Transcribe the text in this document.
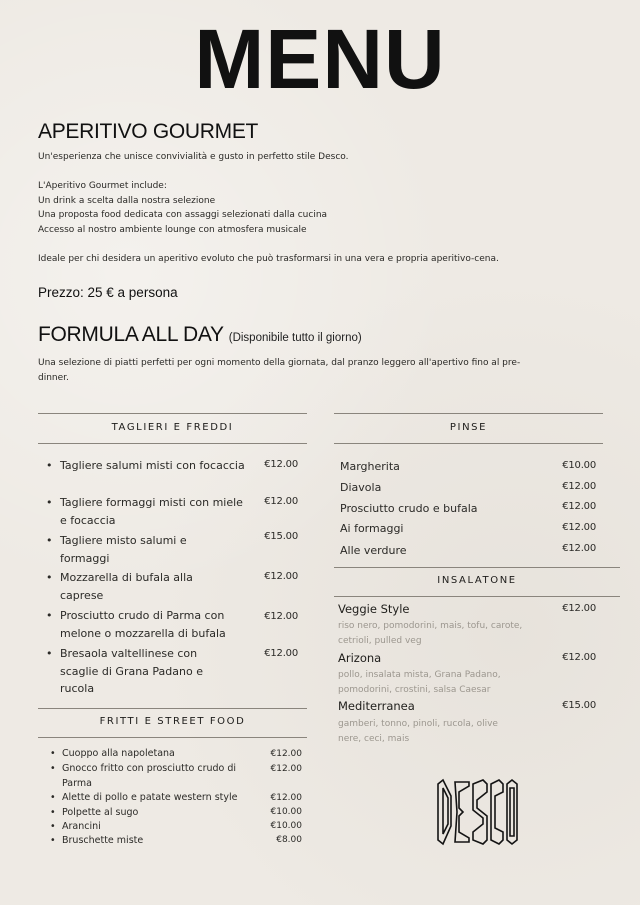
MENU
APERITIVO GOURMET
Un'esperienza che unisce convivialità e gusto in perfetto stile Desco.
L'Aperitivo Gourmet include:
Un drink a scelta dalla nostra selezione
Una proposta food dedicata con assaggi selezionati dalla cucina
Accesso al nostro ambiente lounge con atmosfera musicale
Ideale per chi desidera un aperitivo evoluto che può trasformarsi in una vera e propria aperitivo-cena.
Prezzo: 25 € a persona
FORMULA ALL DAY (Disponibile tutto il giorno)
Una selezione di piatti perfetti per ogni momento della giornata, dal pranzo leggero all'apertivo fino al pre-
dinner.
TAGLIERI E FREDDI
• Tagliere salumi misti con focaccia	€12.00
• Tagliere formaggi misti con miele e focaccia
€12.00
• Tagliere misto salumi e formaggi
€15.00
• Mozzarella di bufala alla caprese
€12.00
• Prosciutto crudo di Parma con melone o mozzarella di bufala
€12.00
• Bresaola valtellinese con scaglie di Grana Padano e rucola
€12.00
FRITTI E STREET FOOD
• Cuoppo alla napoletana	€12.00
• Gnocco fritto con prosciutto crudo di Parma
€12.00
• Alette di pollo e patate western style	€12.00
• Polpette al sugo	€10.00
• Arancini	€10.00
• Bruschette miste	€8.00
PINSE
Margherita	€10.00
Diavola	€12.00
Prosciutto crudo e bufala	€12.00
Ai formaggi	€12.00
Alle verdure	€12.00
INSALATONE
Veggie Style	€12.00
riso nero, pomodorini, mais, tofu, carote, cetrioli, pulled veg
Arizona	€12.00
pollo, insalata mista, Grana Padano, pomodorini, crostini, salsa Caesar
Mediterranea	€15.00
gamberi, tonno, pinoli, rucola, olive nere, ceci, mais
